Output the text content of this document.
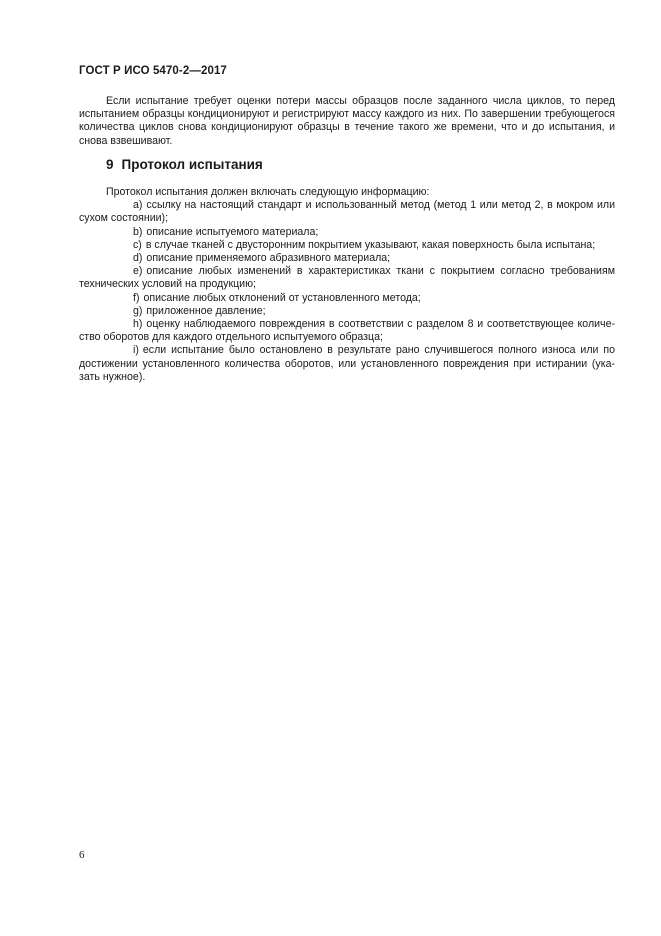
ГОСТ Р ИСО 5470-2—2017

Если испытание требует оценки потери массы образцов после заданного числа циклов, то перед испытанием образцы кондиционируют и регистрируют массу каждого из них. По завершении требующегося количества циклов снова кондиционируют образцы в течение такого же времени, что и до испытания, и снова взвешивают.

9 Протокол испытания

Протокол испытания должен включать следующую информацию:

a) ссылку на настоящий стандарт и использованный метод (метод 1 или метод 2, в мокром или сухом состоянии);

b) описание испытуемого материала;

c) в случае тканей с двусторонним покрытием указывают, какая поверхность была испытана;

d) описание применяемого абразивного материала;

e) описание любых изменений в характеристиках ткани с покрытием согласно требованиям технических условий на продукцию;

f) описание любых отклонений от установленного метода;

g) приложенное давление;

h) оценку наблюдаемого повреждения в соответствии с разделом 8 и соответствующее количество оборотов для каждого отдельного испытуемого образца;

i) если испытание было остановлено в результате рано случившегося полного износа или по достижении установленного количества оборотов, или установленного повреждения при истирании (указать нужное).

6
